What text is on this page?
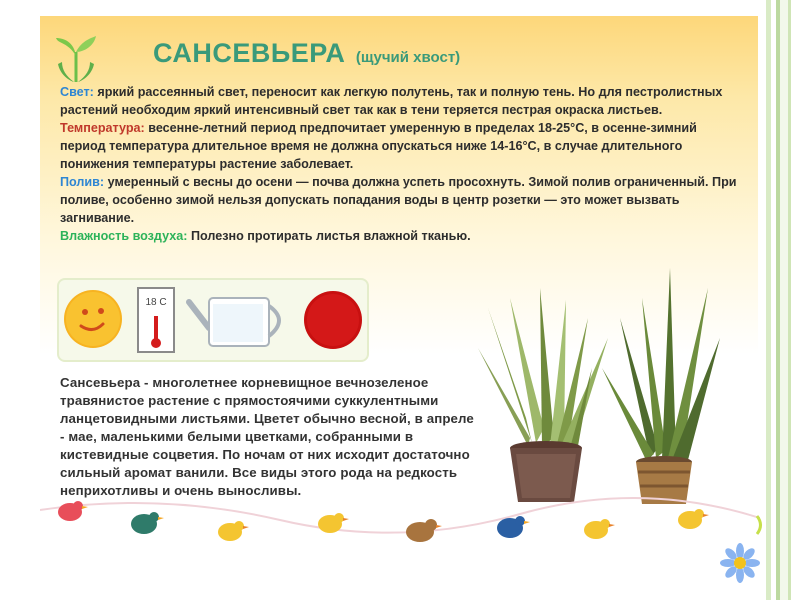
САНСЕВЬЕРА (щучий хвост)

Свет: яркий рассеянный свет, переносит как легкую полутень, так и полную тень. Но для пестролистных растений необходим яркий интенсивный свет так как в тени теряется пестрая окраска листьев.

Температура: весенне-летний период предпочитает умеренную в пределах 18-25°С, в осенне-зимний период температура длительное время не должна опускаться ниже 14-16°С, в случае длительного понижения температуры растение заболевает.

Полив: умеренный с весны до осени — почва должна успеть просохнуть. Зимой полив ограниченный. При поливе, особенно зимой нельзя допускать попадания воды в центр розетки — это может вызвать загнивание.

Влажность воздуха: Полезно протирать листья влажной тканью.

18 С
Сансевьера - многолетнее корневищное вечнозеленое травянистое растение с прямостоячими суккулентными ланцетовидными листьями. Цветет обычно весной, в апреле - мае, маленькими белыми цветками, собранными в кистевидные соцветия. По ночам от них исходит достаточно сильный аромат ванили. Все виды этого рода на редкость неприхотливы и очень выносливы.
